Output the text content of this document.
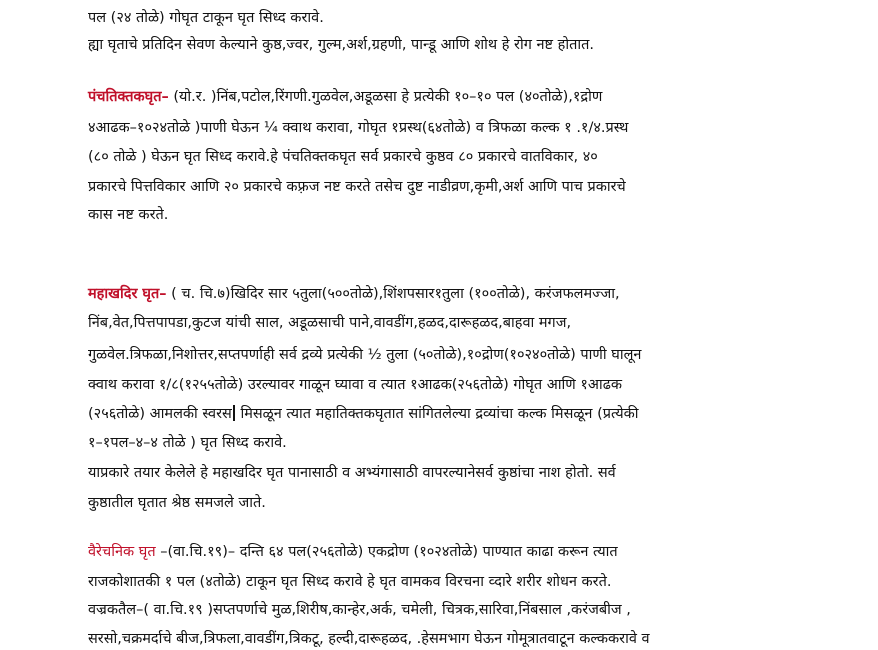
पल (२४ तोळे) गोघृत टाकून घृत सिध्द करावे.
ह्या घृताचे प्रतिदिन सेवण केल्याने कुष्ठ,ज्वर, गुल्म,अर्श,ग्रहणी, पान्डू आणि शोथ हे रोग नष्ट होतात.
पंचतिक्तकघृत– (यो.र. )निंब,पटोल,रिंगणी.गुळवेल,अडूळसा हे प्रत्येकी १०–१० पल (४०तोळे),१द्रोण
४आढक–१०२४तोळे )पाणी घेऊन ¼ क्वाथ करावा, गोघृत १प्रस्थ(६४तोळे) व त्रिफळा कल्क १ .१/४.प्रस्थ
(८० तोळे ) घेऊन घृत सिध्द करावे.हे पंचतिक्तकघृत सर्व प्रकारचे कुष्ठव ८० प्रकारचे वातविकार, ४०
प्रकारचे पित्तविकार आणि २० प्रकारचे कफ़्रज नष्ट करते तसेच दुष्ट नाडीव्रण,कृमी,अर्श आणि पाच प्रकारचे
कास नष्ट करते.
महाखदिर घृत– ( च. चि.७)खिदिर सार ५तुला(५००तोळे),शिंशपसार१तुला (१००तोळे), करंजफलमज्जा,
निंब,वेत,पित्तपापडा,कुटज यांची साल, अडूळसाची पाने,वावडींग,हळद,दारूहळद,बाहवा मगज,
गुळवेल.त्रिफळा,निशोत्तर,सप्तपर्णाही सर्व द्रव्ये प्रत्येकी ½ तुला (५०तोळे),१०द्रोण(१०२४०तोळे) पाणी घालून
क्वाथ करावा १/८(१२५५तोळे) उरल्यावर गाळून घ्यावा व त्यात १आढक(२५६तोळे) गोघृत आणि १आढक
(२५६तोळे) आमलकी स्वरस मिसळून त्यात महातिक्तकघृतात सांगितलेल्या द्रव्यांचा कल्क मिसळून (प्रत्येकी
१–१पल–४–४ तोळे ) घृत सिध्द करावे.
याप्रकारे तयार केलेले हे महाखदिर घृत पानासाठी व अभ्यंगासाठी वापरल्यानेसर्व कुष्ठांचा नाश होतो. सर्व
कुष्ठातील घृतात श्रेष्ठ समजले जाते.
वैरेचनिक घृत –(वा.चि.१९)– दन्ति ६४ पल(२५६तोळे) एकद्रोण (१०२४तोळे) पाण्यात काढा करून त्यात
राजकोशातकी १ पल (४तोळे) टाकून घृत सिध्द करावे हे घृत वामकव विरचना व्दारे शरीर शोधन करते.
वज्रकतैल–( वा.चि.१९ )सप्तपर्णाचे मुळ,शिरीष,कान्हेर,अर्क, चमेली, चित्रक,सारिवा,निंबसाल ,करंजबीज ,
सरसो,चक्रमर्दाचे बीज,त्रिफला,वावडींग,त्रिकटू, हल्दी,दारूहळद, .हेसमभाग घेऊन गोमूत्रातवाटून कल्ककरावे व
